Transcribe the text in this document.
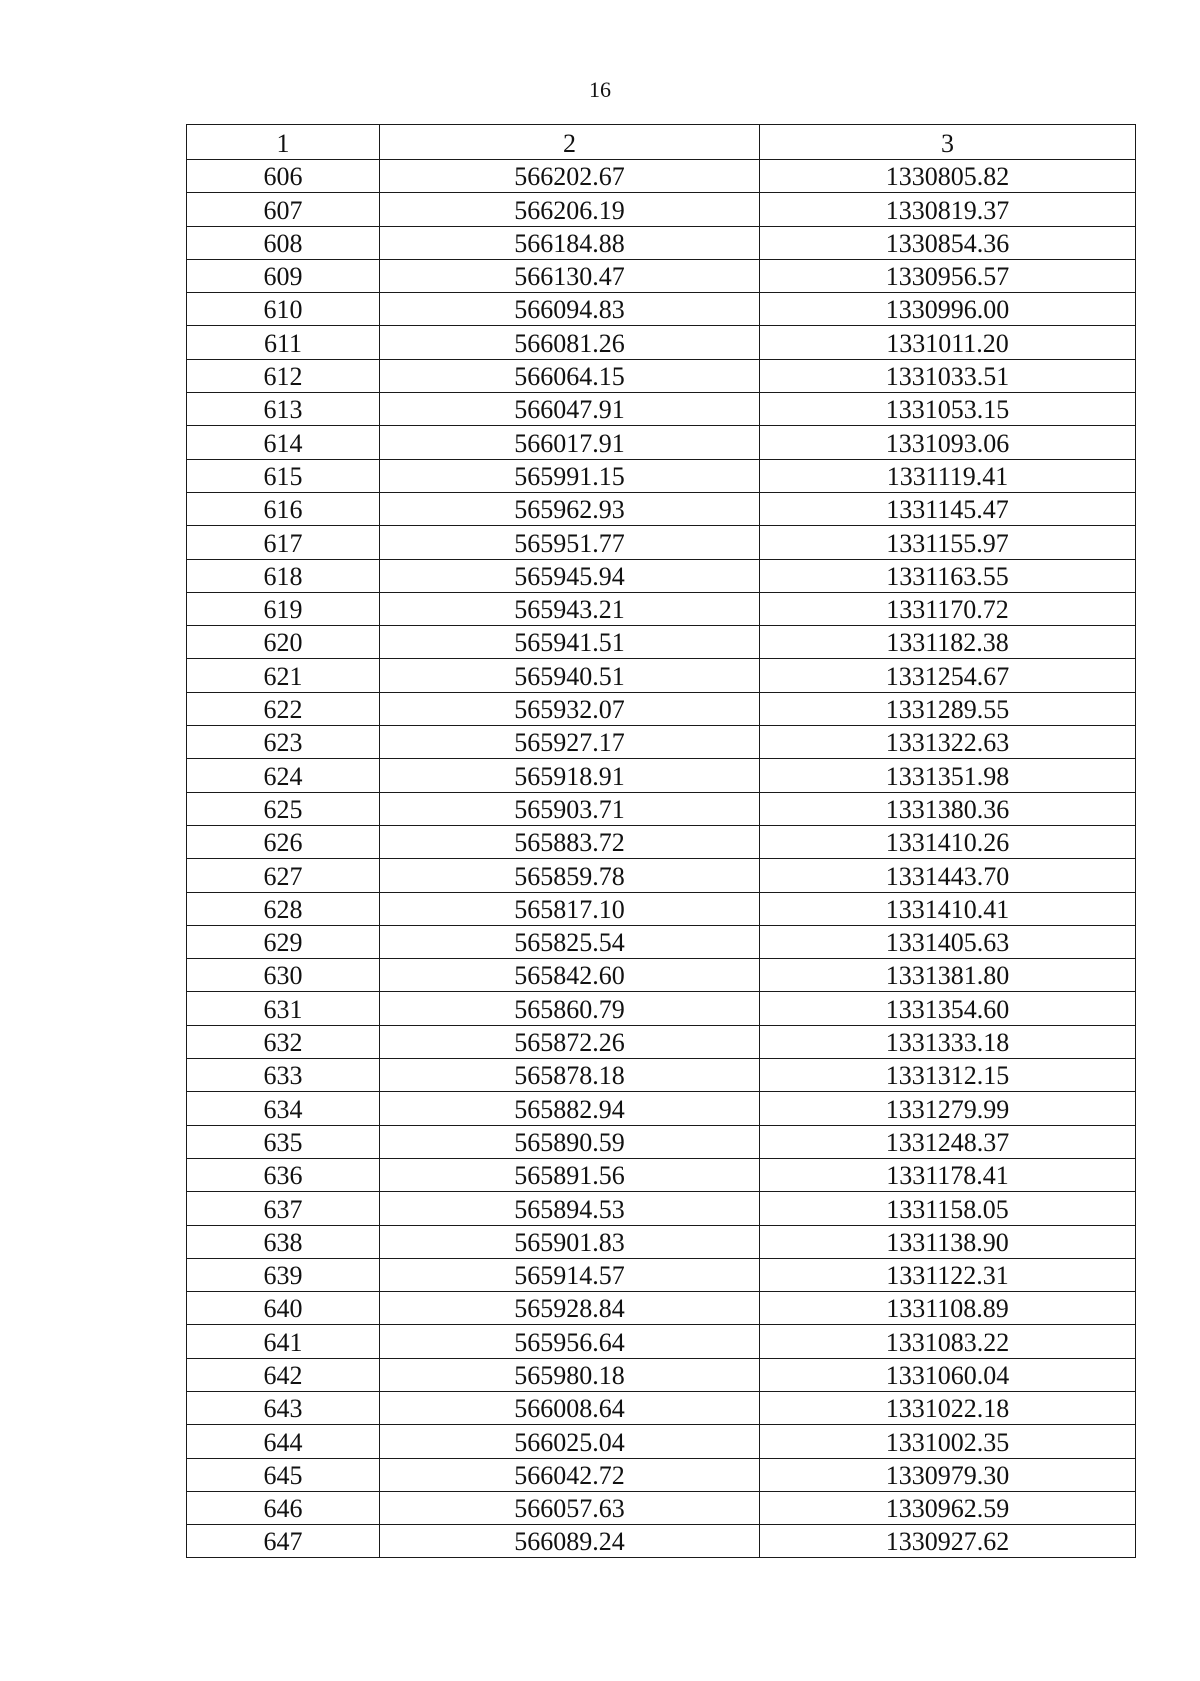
16
1	2	3
606	566202.67	1330805.82
607	566206.19	1330819.37
608	566184.88	1330854.36
609	566130.47	1330956.57
610	566094.83	1330996.00
611	566081.26	1331011.20
612	566064.15	1331033.51
613	566047.91	1331053.15
614	566017.91	1331093.06
615	565991.15	1331119.41
616	565962.93	1331145.47
617	565951.77	1331155.97
618	565945.94	1331163.55
619	565943.21	1331170.72
620	565941.51	1331182.38
621	565940.51	1331254.67
622	565932.07	1331289.55
623	565927.17	1331322.63
624	565918.91	1331351.98
625	565903.71	1331380.36
626	565883.72	1331410.26
627	565859.78	1331443.70
628	565817.10	1331410.41
629	565825.54	1331405.63
630	565842.60	1331381.80
631	565860.79	1331354.60
632	565872.26	1331333.18
633	565878.18	1331312.15
634	565882.94	1331279.99
635	565890.59	1331248.37
636	565891.56	1331178.41
637	565894.53	1331158.05
638	565901.83	1331138.90
639	565914.57	1331122.31
640	565928.84	1331108.89
641	565956.64	1331083.22
642	565980.18	1331060.04
643	566008.64	1331022.18
644	566025.04	1331002.35
645	566042.72	1330979.30
646	566057.63	1330962.59
647	566089.24	1330927.62
